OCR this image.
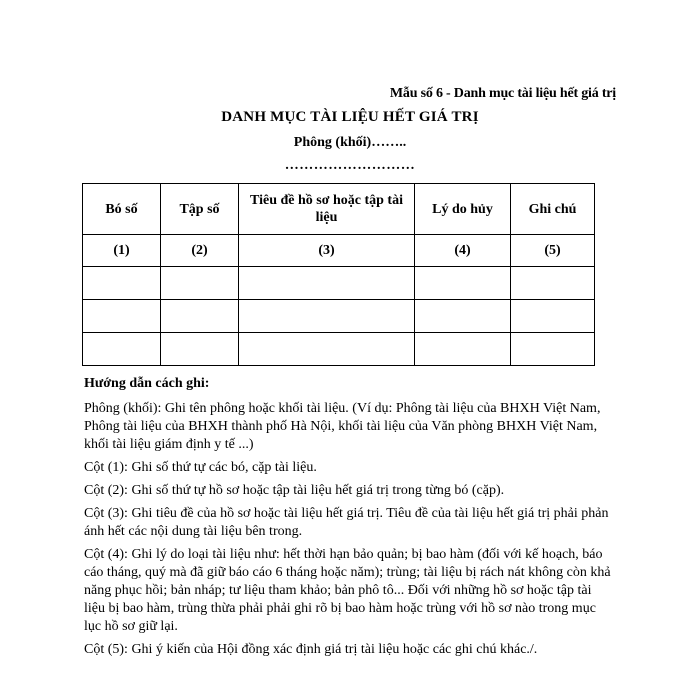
Mẫu số 6 - Danh mục tài liệu hết giá trị
DANH MỤC TÀI LIỆU HẾT GIÁ TRỊ
Phông (khối)……..
………………………
Bó số	Tập số	Tiêu đề hồ sơ hoặc tập tài liệu	Lý do hủy	Ghi chú
(1)	(2)	(3)	(4)	(5)

Hướng dẫn cách ghi:

Phông (khối): Ghi tên phông hoặc khối tài liệu. (Ví dụ: Phông tài liệu của BHXH Việt Nam, Phông tài liệu của BHXH thành phố Hà Nội, khối tài liệu của Văn phòng BHXH Việt Nam, khối tài liệu giám định y tế ...)

Cột (1): Ghi số thứ tự các bó, cặp tài liệu.

Cột (2): Ghi số thứ tự hồ sơ hoặc tập tài liệu hết giá trị trong từng bó (cặp).

Cột (3): Ghi tiêu đề của hồ sơ hoặc tài liệu hết giá trị. Tiêu đề của tài liệu hết giá trị phải phản ánh hết các nội dung tài liệu bên trong.

Cột (4): Ghi lý do loại tài liệu như: hết thời hạn bảo quản; bị bao hàm (đối với kế hoạch, báo cáo tháng, quý mà đã giữ báo cáo 6 tháng hoặc năm); trùng; tài liệu bị rách nát không còn khả năng phục hồi; bản nháp; tư liệu tham khảo; bản phô tô... Đối với những hồ sơ hoặc tập tài liệu bị bao hàm, trùng thừa phải phải ghi rõ bị bao hàm hoặc trùng với hồ sơ nào trong mục lục hồ sơ giữ lại.

Cột (5): Ghi ý kiến của Hội đồng xác định giá trị tài liệu hoặc các ghi chú khác./.
